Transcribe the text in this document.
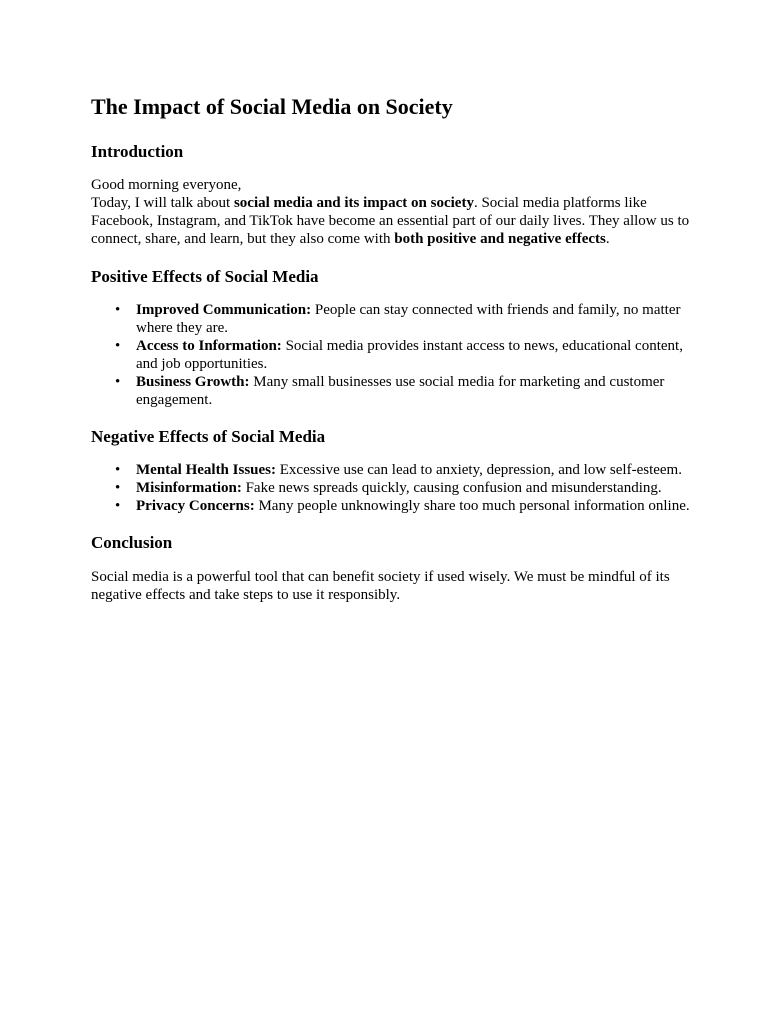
The Impact of Social Media on Society
Introduction

Good morning everyone,
Today, I will talk about social media and its impact on society. Social media platforms like Facebook, Instagram, and TikTok have become an essential part of our daily lives. They allow us to connect, share, and learn, but they also come with both positive and negative effects.

Positive Effects of Social Media
• Improved Communication: People can stay connected with friends and family, no matter where they are.
• Access to Information: Social media provides instant access to news, educational content, and job opportunities.
• Business Growth: Many small businesses use social media for marketing and customer engagement.
Negative Effects of Social Media
• Mental Health Issues: Excessive use can lead to anxiety, depression, and low self-esteem.
• Misinformation: Fake news spreads quickly, causing confusion and misunderstanding.
• Privacy Concerns: Many people unknowingly share too much personal information online.
Conclusion

Social media is a powerful tool that can benefit society if used wisely. We must be mindful of its negative effects and take steps to use it responsibly.
